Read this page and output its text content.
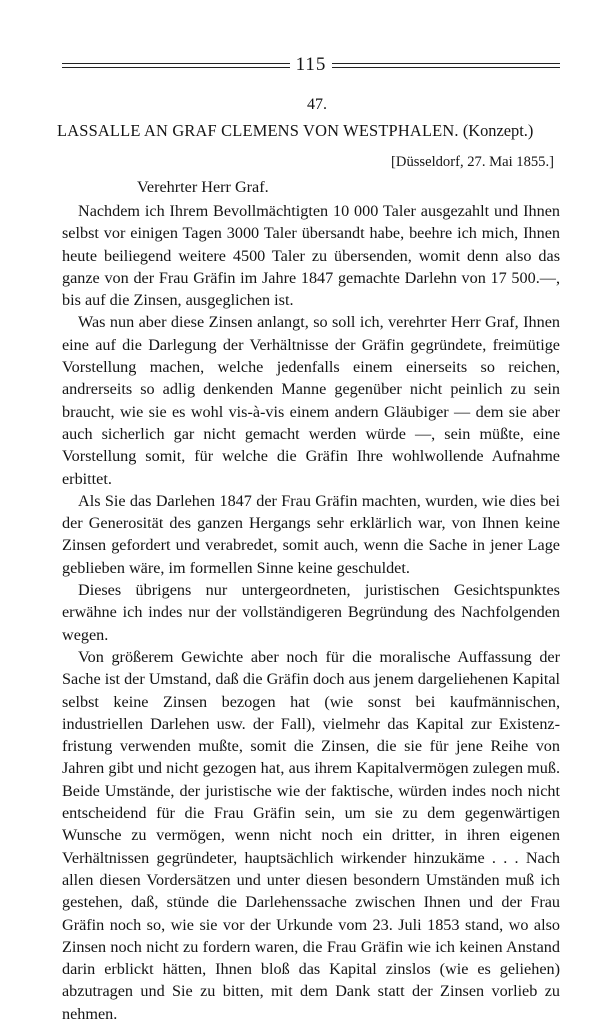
115
47.
LASSALLE AN GRAF CLEMENS VON WESTPHALEN. (Konzept.)
[Düsseldorf, 27. Mai 1855.]
Verehrter Herr Graf.

Nachdem ich Ihrem Bevollmächtigten 10 000 Taler ausgezahlt und Ihnen selbst vor einigen Tagen 3000 Taler übersandt habe, beehre ich mich, Ihnen heute beiliegend weitere 4500 Taler zu übersenden, womit denn also das ganze von der Frau Gräfin im Jahre 1847 gemachte Darlehn von 17 500.—, bis auf die Zinsen, ausgeglichen ist.

Was nun aber diese Zinsen anlangt, so soll ich, verehrter Herr Graf, Ihnen eine auf die Darlegung der Verhältnisse der Gräfin gegründete, freimütige Vorstellung machen, welche jedenfalls einem einerseits so reichen, andrerseits so adlig denkenden Manne gegenüber nicht peinlich zu sein braucht, wie sie es wohl vis-à-vis einem andern Gläubiger — dem sie aber auch sicherlich gar nicht gemacht werden würde —, sein müßte, eine Vorstellung somit, für welche die Gräfin Ihre wohlwollende Aufnahme erbittet.

Als Sie das Darlehen 1847 der Frau Gräfin machten, wurden, wie dies bei der Generosität des ganzen Hergangs sehr erklärlich war, von Ihnen keine Zinsen gefordert und verabredet, somit auch, wenn die Sache in jener Lage geblieben wäre, im formellen Sinne keine geschuldet.

Dieses übrigens nur untergeordneten, juristischen Gesichtspunktes erwähne ich indes nur der vollständigeren Begründung des Nachfolgenden wegen.

Von größerem Gewichte aber noch für die moralische Auffassung der Sache ist der Umstand, daß die Gräfin doch aus jenem dargeliehenen Kapital selbst keine Zinsen bezogen hat (wie sonst bei kaufmännischen, industriellen Darlehen usw. der Fall), vielmehr das Kapital zur Existenzfristung verwenden mußte, somit die Zinsen, die sie für jene Reihe von Jahren gibt und nicht gezogen hat, aus ihrem Kapitalvermögen zulegen muß. Beide Umstände, der juristische wie der faktische, würden indes noch nicht entscheidend für die Frau Gräfin sein, um sie zu dem gegenwärtigen Wunsche zu vermögen, wenn nicht noch ein dritter, in ihren eigenen Verhältnissen gegründeter, hauptsächlich wirkender hinzukäme . . . Nach allen diesen Vordersätzen und unter diesen besondern Umständen muß ich gestehen, daß, stünde die Darlehenssache zwischen Ihnen und der Frau Gräfin noch so, wie sie vor der Urkunde vom 23. Juli 1853 stand, wo also Zinsen noch nicht zu fordern waren, die Frau Gräfin wie ich keinen Anstand darin erblickt hätten, Ihnen bloß das Kapital zinslos (wie es geliehen) abzutragen und Sie zu bitten, mit dem Dank statt der Zinsen vorlieb zu nehmen.
